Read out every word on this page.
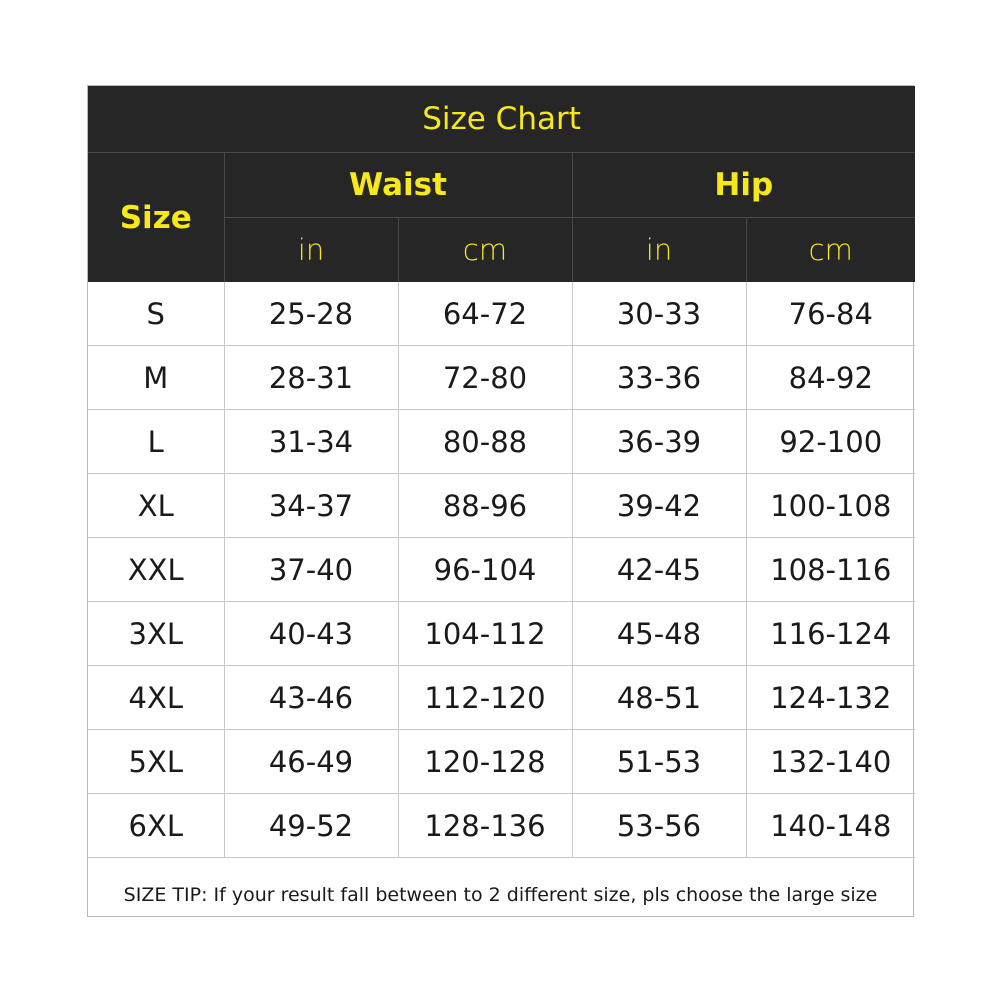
Size Chart				
Size	Waist		Hip	
	in	cm	in	cm
S	25-28	64-72	30-33	76-84
M	28-31	72-80	33-36	84-92
L	31-34	80-88	36-39	92-100
XL	34-37	88-96	39-42	100-108
XXL	37-40	96-104	42-45	108-116
3XL	40-43	104-112	45-48	116-124
4XL	43-46	112-120	48-51	124-132
5XL	46-49	120-128	51-53	132-140
6XL	49-52	128-136	53-56	140-148
SIZE TIP: If your result fall between to 2 different size, pls choose the large size
